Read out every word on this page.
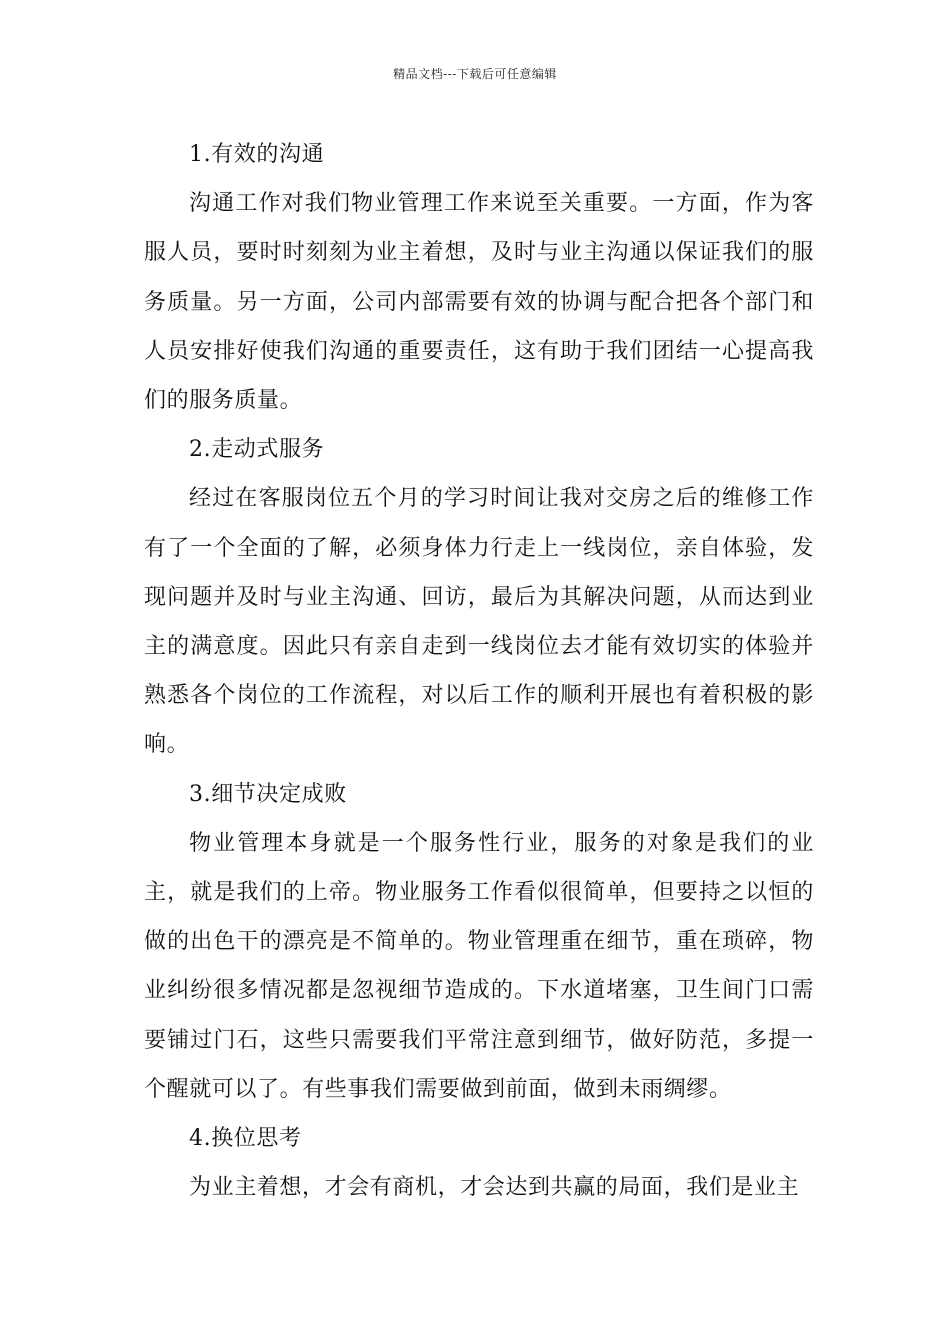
精品文档---下载后可任意编辑

1.有效的沟通

沟通工作对我们物业管理工作来说至关重要。一方面，作为客服人员，要时时刻刻为业主着想，及时与业主沟通以保证我们的服务质量。另一方面，公司内部需要有效的协调与配合把各个部门和人员安排好使我们沟通的重要责任，这有助于我们团结一心提高我们的服务质量。

2.走动式服务

经过在客服岗位五个月的学习时间让我对交房之后的维修工作有了一个全面的了解，必须身体力行走上一线岗位，亲自体验，发现问题并及时与业主沟通、回访，最后为其解决问题，从而达到业主的满意度。因此只有亲自走到一线岗位去才能有效切实的体验并熟悉各个岗位的工作流程，对以后工作的顺利开展也有着积极的影响。

3.细节决定成败

物业管理本身就是一个服务性行业，服务的对象是我们的业主，就是我们的上帝。物业服务工作看似很简单，但要持之以恒的做的出色干的漂亮是不简单的。物业管理重在细节，重在琐碎，物业纠纷很多情况都是忽视细节造成的。下水道堵塞，卫生间门口需要铺过门石，这些只需要我们平常注意到细节，做好防范，多提一个醒就可以了。有些事我们需要做到前面，做到未雨绸缪。

4.换位思考

为业主着想，才会有商机，才会达到共赢的局面，我们是业主
